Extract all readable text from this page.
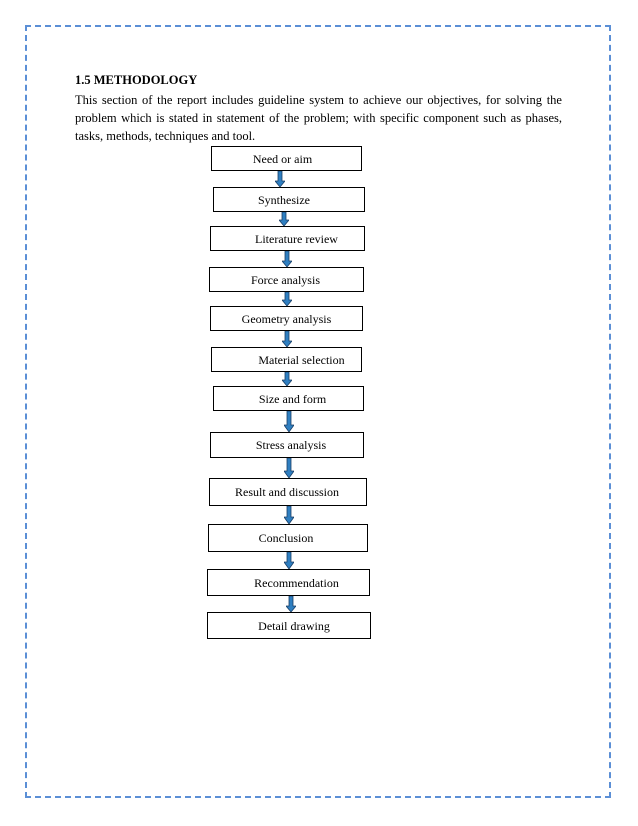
1.5 METHODOLOGY

This section of the report includes guideline system to achieve our objectives, for solving the problem which is stated in statement of the problem; with specific component such as phases, tasks, methods, techniques and tool.

Need or aim
Synthesize
Literature review
Force analysis
Geometry analysis
Material selection
Size and form
Stress analysis
Result and discussion
Conclusion
Recommendation
Detail drawing
